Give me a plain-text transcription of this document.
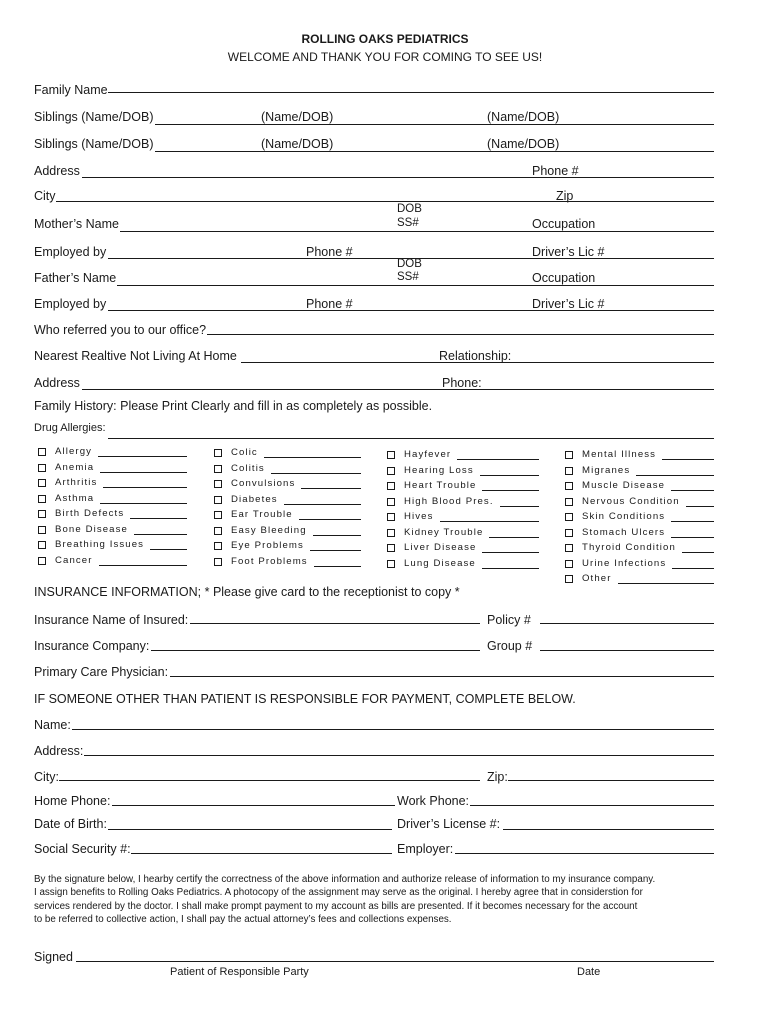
ROLLING OAKS PEDIATRICS
WELCOME AND THANK YOU FOR COMING TO SEE US!
Family Name
Siblings (Name/DOB)	(Name/DOB)	(Name/DOB)
Siblings (Name/DOB)	(Name/DOB)	(Name/DOB)
Address	Phone #
City	Zip
DOB
SS#
Mother’s Name	Occupation
Employed by	Phone #	Driver’s Lic #
DOB
SS#
Father’s Name	Occupation
Employed by	Phone #	Driver’s Lic #
Who referred you to our office?
Nearest Realtive Not Living At Home	Relationship:
Address	Phone:
Family History: Please Print Clearly and fill in as completely as possible.
Drug Allergies:
Allergy
Anemia
Arthritis
Asthma
Birth Defects
Bone Disease
Breathing Issues
Cancer
Colic
Colitis
Convulsions
Diabetes
Ear Trouble
Easy Bleeding
Eye Problems
Foot Problems
Hayfever
Hearing Loss
Heart Trouble
High Blood Pres.
Hives
Kidney Trouble
Liver Disease
Lung Disease
Mental Illness
Migranes
Muscle Disease
Nervous Condition
Skin Conditions
Stomach Ulcers
Thyroid Condition
Urine Infections
Other
INSURANCE INFORMATION; * Please give card to the receptionist to copy *
Insurance Name of Insured:	Policy #
Insurance Company:	Group #
Primary Care Physician:
IF SOMEONE OTHER THAN PATIENT IS RESPONSIBLE FOR PAYMENT, COMPLETE BELOW.
Name:
Address:
City:	Zip:
Home Phone:	Work Phone:
Date of Birth:	Driver’s License #:
Social Security #:	Employer:
By the signature below, I hearby certify the correctness of the above information and authorize release of information to my insurance company.
I assign benefits to Rolling Oaks Pediatrics. A photocopy of the assignment may serve as the original. I hereby agree that in considerstion for
services rendered by the doctor. I shall make prompt payment to my account as bills are presented. If it becomes necessary for the account
to be referred to collective action, I shall pay the actual attorney’s fees and collections expenses.
Signed
Patient of Responsible Party	Date
